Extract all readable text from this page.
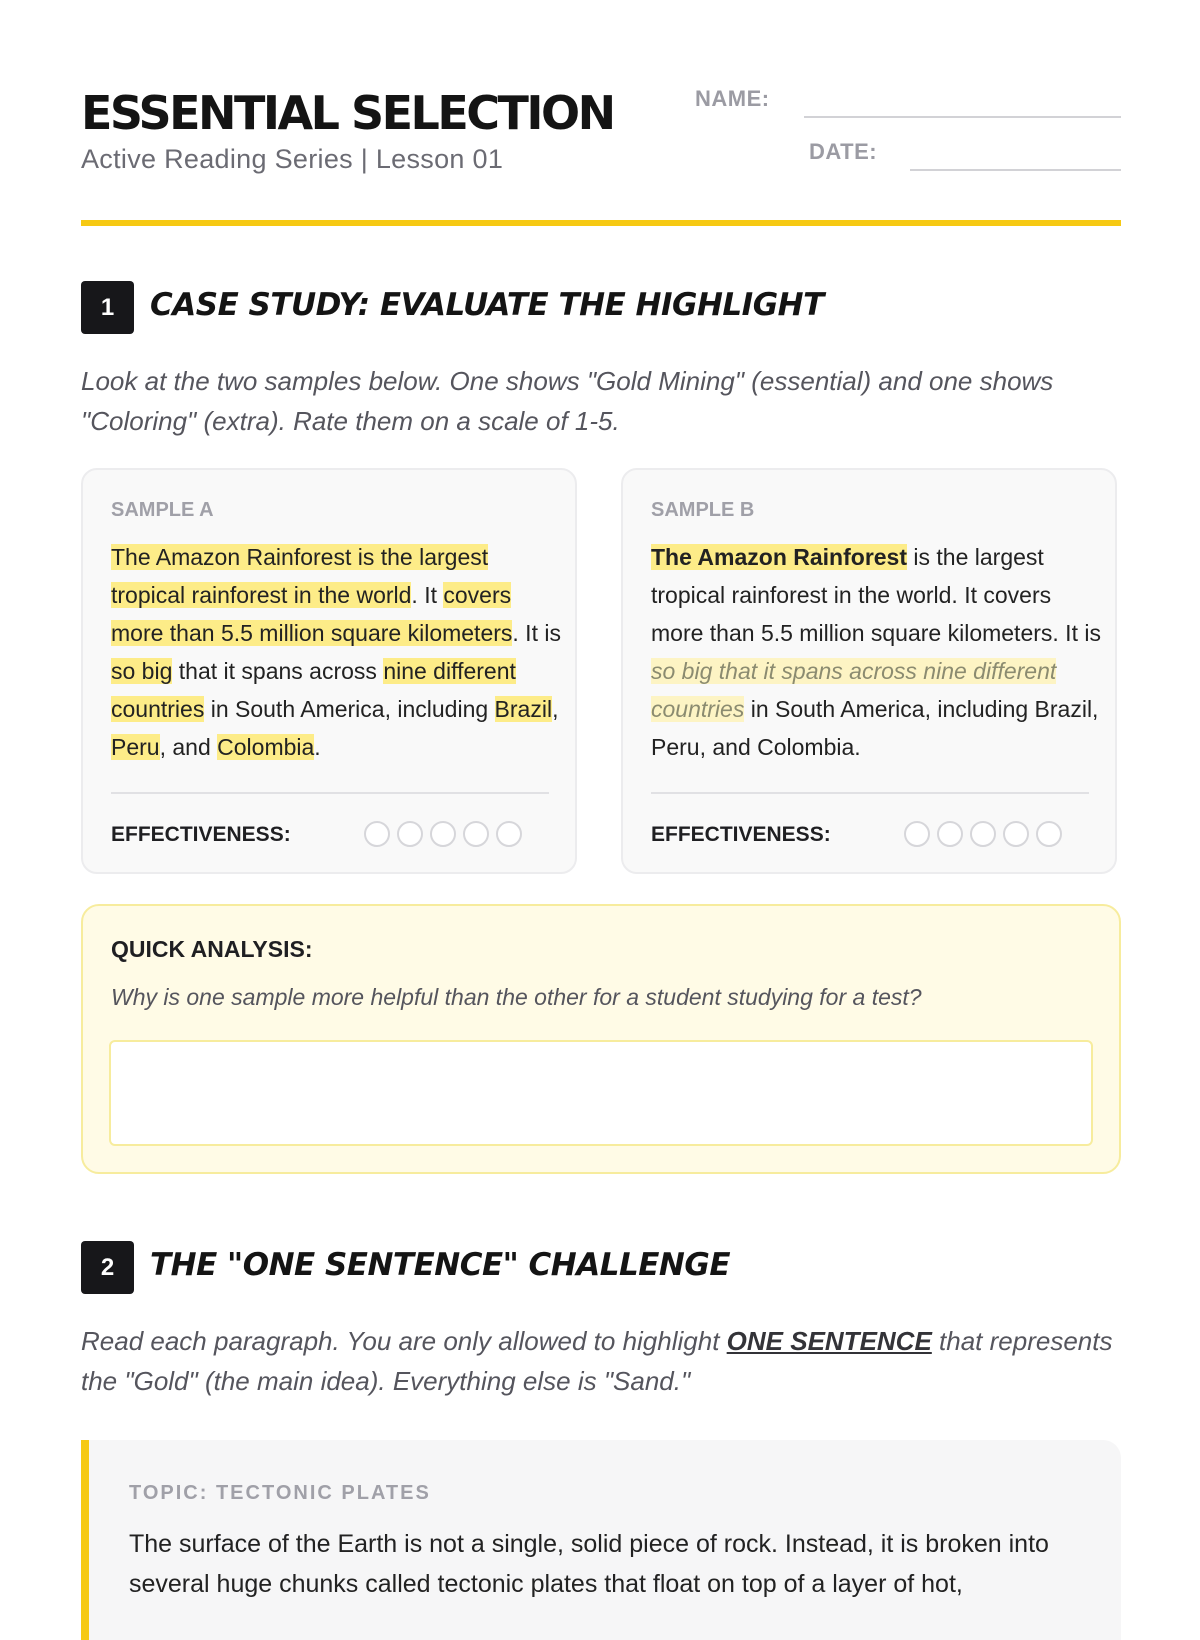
ESSENTIAL SELECTION
Active Reading Series | Lesson 01
NAME:
DATE:
1	CASE STUDY: EVALUATE THE HIGHLIGHT
Look at the two samples below. One shows "Gold Mining" (essential) and one shows "Coloring" (extra). Rate them on a scale of 1-5.
SAMPLE A
The Amazon Rainforest is the largest tropical rainforest in the world. It covers more than 5.5 million square kilometers. It is so big that it spans across nine different countries in South America, including Brazil, Peru, and Colombia.
EFFECTIVENESS:
SAMPLE B
The Amazon Rainforest is the largest tropical rainforest in the world. It covers more than 5.5 million square kilometers. It is so big that it spans across nine different countries in South America, including Brazil, Peru, and Colombia.
EFFECTIVENESS:
QUICK ANALYSIS:
Why is one sample more helpful than the other for a student studying for a test?
2	THE "ONE SENTENCE" CHALLENGE
Read each paragraph. You are only allowed to highlight ONE SENTENCE that represents the "Gold" (the main idea). Everything else is "Sand."
TOPIC: TECTONIC PLATES
The surface of the Earth is not a single, solid piece of rock. Instead, it is broken into several huge chunks called tectonic plates that float on top of a layer of hot,
